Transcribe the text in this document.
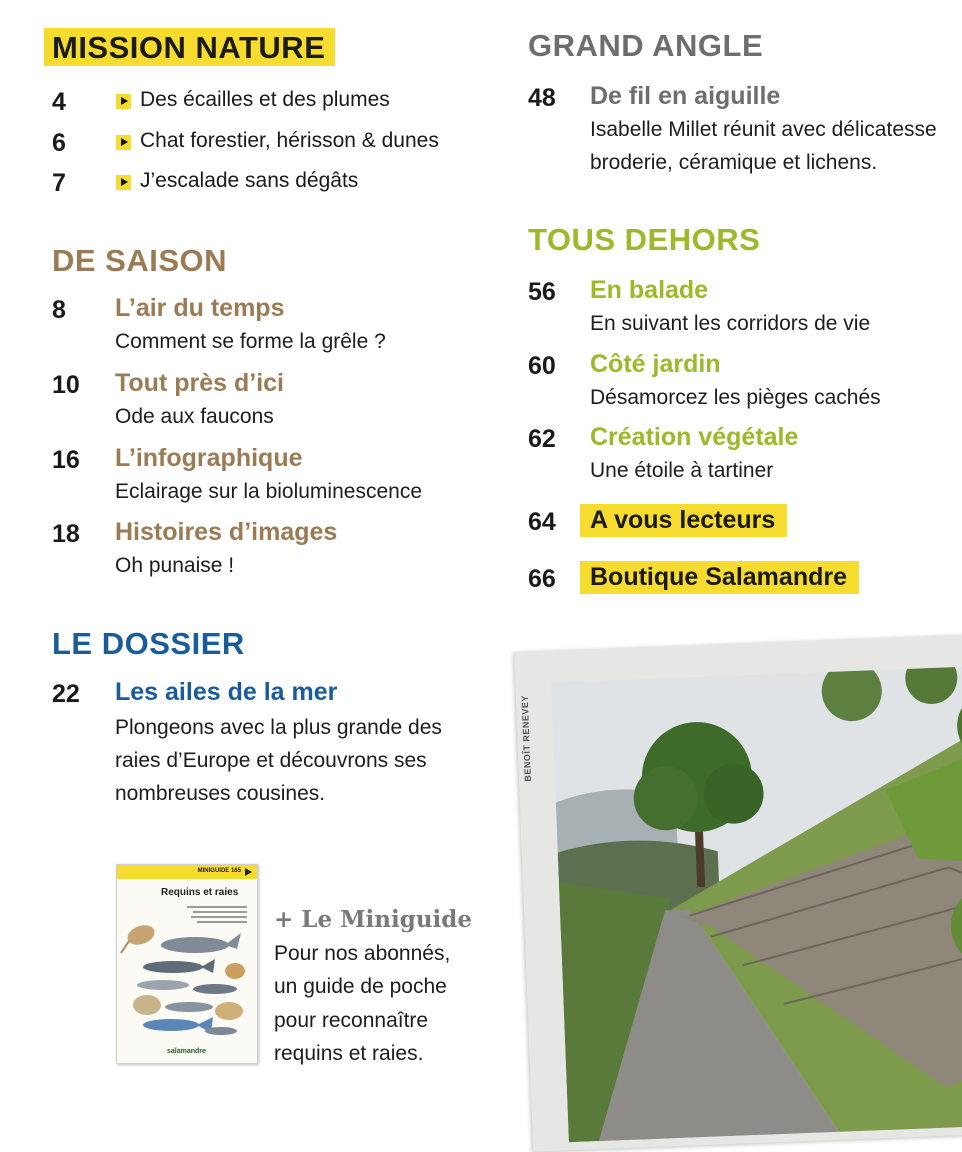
MISSION NATURE
4	Des écailles et des plumes
6	Chat forestier, hérisson & dunes
7	J’escalade sans dégâts
DE SAISON
8 L’air du temps
Comment se forme la grêle ?
10 Tout près d’ici
Ode aux faucons
16 L’infographique
Eclairage sur la bioluminescence
18 Histoires d’images
Oh punaise !
LE DOSSIER
22 Les ailes de la mer
Plongeons avec la plus grande des
raies d’Europe et découvrons ses
nombreuses cousines.
MINIGUIDE 165
Requins et raies
salamandre
+ Le Miniguide
Pour nos abonnés,
un guide de poche
pour reconnaître
requins et raies.
GRAND ANGLE
48 De fil en aiguille
Isabelle Millet réunit avec délicatesse
broderie, céramique et lichens.
TOUS DEHORS
56 En balade
En suivant les corridors de vie
60 Côté jardin
Désamorcez les pièges cachés
62 Création végétale
Une étoile à tartiner
64	A vous lecteurs
66	Boutique Salamandre
BENOÎT RENEVEY
